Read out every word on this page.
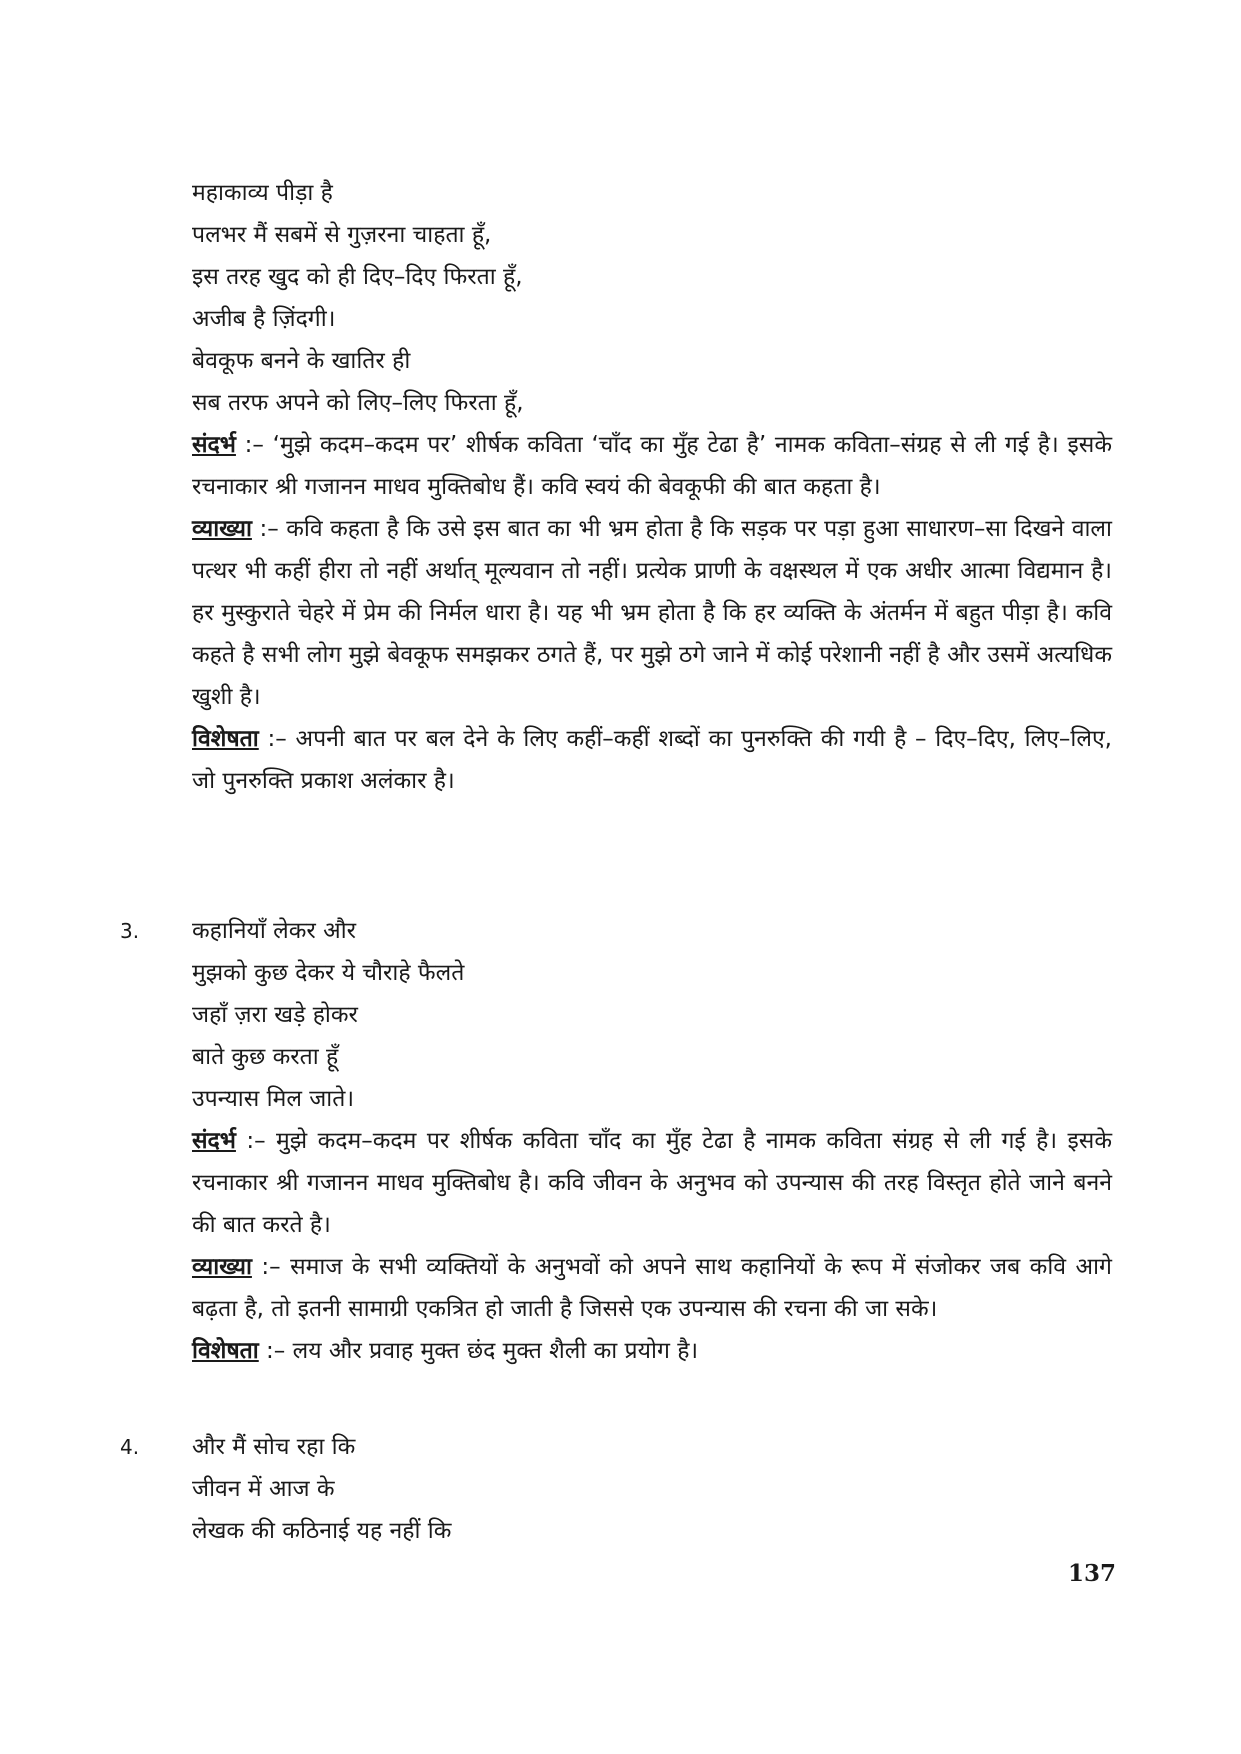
महाकाव्य पीड़ा है
पलभर मैं सबमें से गुज़रना चाहता हूँ,
इस तरह खुद को ही दिए–दिए फिरता हूँ,
अजीब है ज़िंदगी।
बेवकूफ बनने के खातिर ही
सब तरफ अपने को लिए–लिए फिरता हूँ,
संदर्भ :– ‘मुझे कदम–कदम पर’ शीर्षक कविता ‘चाँद का मुँह टेढा है’ नामक कविता–संग्रह से ली गई है। इसके रचनाकार श्री गजानन माधव मुक्तिबोध हैं। कवि स्वयं की बेवकूफी की बात कहता है।
व्याख्या :– कवि कहता है कि उसे इस बात का भी भ्रम होता है कि सड़क पर पड़ा हुआ साधारण–सा दिखने वाला पत्थर भी कहीं हीरा तो नहीं अर्थात् मूल्यवान तो नहीं। प्रत्येक प्राणी के वक्षस्थल में एक अधीर आत्मा विद्यमान है। हर मुस्कुराते चेहरे में प्रेम की निर्मल धारा है। यह भी भ्रम होता है कि हर व्यक्ति के अंतर्मन में बहुत पीड़ा है। कवि कहते है सभी लोग मुझे बेवकूफ समझकर ठगते हैं, पर मुझे ठगे जाने में कोई परेशानी नहीं है और उसमें अत्यधिक खुशी है।
विशेषता :– अपनी बात पर बल देने के लिए कहीं–कहीं शब्दों का पुनरुक्ति की गयी है – दिए–दिए, लिए–लिए, जो पुनरुक्ति प्रकाश अलंकार है।
3. कहानियाँ लेकर और
मुझको कुछ देकर ये चौराहे फैलते
जहाँ ज़रा खड़े होकर
बाते कुछ करता हूँ
उपन्यास मिल जाते।
संदर्भ :– मुझे कदम–कदम पर शीर्षक कविता चाँद का मुँह टेढा है नामक कविता संग्रह से ली गई है। इसके रचनाकार श्री गजानन माधव मुक्तिबोध है। कवि जीवन के अनुभव को उपन्यास की तरह विस्तृत होते जाने बनने की बात करते है।
व्याख्या :– समाज के सभी व्यक्तियों के अनुभवों को अपने साथ कहानियों के रूप में संजोकर जब कवि आगे बढ़ता है, तो इतनी सामाग्री एकत्रित हो जाती है जिससे एक उपन्यास की रचना की जा सके।
विशेषता :– लय और प्रवाह मुक्त छंद मुक्त शैली का प्रयोग है।
4. और मैं सोच रहा कि
जीवन में आज के
लेखक की कठिनाई यह नहीं कि
137
